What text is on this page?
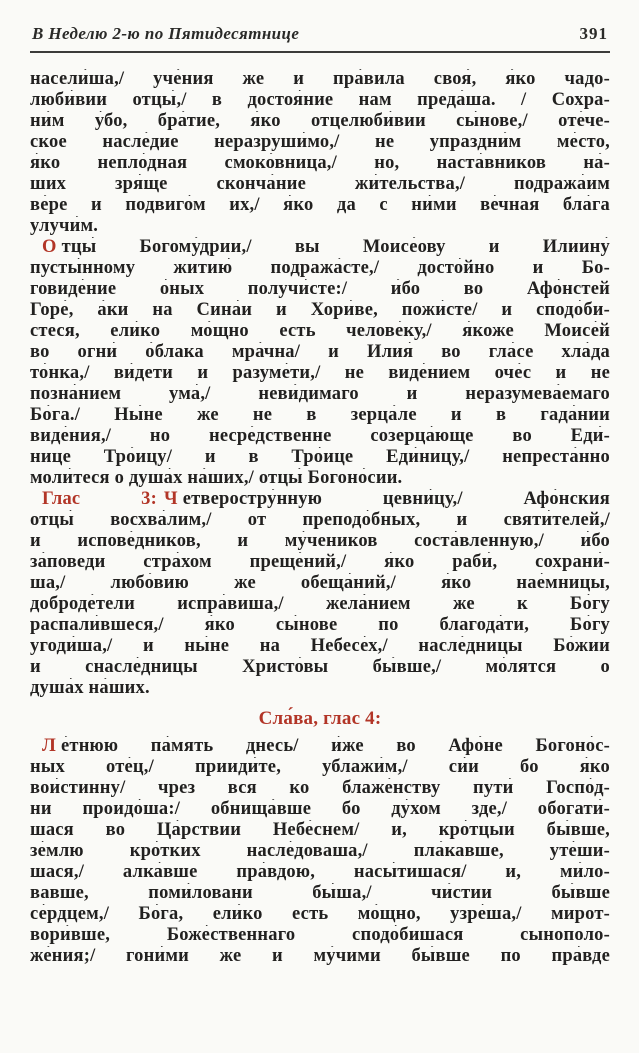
В Неделю 2-ю по Пятидесятнице	391
насели́ша,/ уче́ния же и пра́вила своя́, я́ко чадо-
люби́вии отцы́,/ в достоя́ние нам преда́ша. / Сохра-
ни́м у́бо, бра́тие, я́ко отцелюби́вии сы́нове,/ оте́че-
ское насле́дие неразруши́мо,/ не упраздни́м ме́сто,
я́ко непло́дная смоко́вница,/ но, наста́вников на́-
ших зря́ще сконча́ние жи́тельства,/ подража́им
ве́ре и подвиго́м их,/ я́ко да с ни́ми ве́чная бла́га
улучи́м.
О тцы́ Богому́дрии,/ вы Моисе́ову и Илиину́
пусты́нному житию́ подража́сте,/ досто́йно и Бо-
говиде́ние о́ных получи́сте:/ и́бо во Афо́нстей
Горе́, а́ки на Сина́и и Хори́ве, пожи́сте/ и сподо́би-
стеся, ели́ко мо́щно есть челове́ку,/ я́коже Моисе́й
во огни́ о́блака мра́чна/ и Илия́ во гла́се хла́да
то́нка,/ ви́дети и разуме́ти,/ не виде́нием оче́с и не
позна́нием ума́,/ неви́димаго и неразумева́емаго
Бо́га./ Ны́не же не в зерца́ле и в гада́нии
виде́ния,/ но несре́дственне созерца́юще во Еди́-
нице Тро́ицу/ и в Тро́ице Еди́ницу,/ непреста́нно
моли́теся о душа́х на́ших,/ отцы́ Богоно́сии.
Глас 3: Ч етверостру́нную цевни́цу,/ Афо́нския
отцы́ восхва́лим,/ от преподо́бных, и святи́телей,/
и испове́дников, и му́чеников соста́вленную,/ и́бо
за́поведи стра́хом преще́ний,/ я́ко раби́, сохрани́-
ша,/ любо́вию же обеща́ний,/ я́ко нае́мницы,
доброде́тели испра́виша,/ жела́нием же к Бо́гу
распали́вшеся,/ я́ко сы́нове по благода́ти, Бо́гу
угоди́ша,/ и ны́не на Небесе́х,/ насле́дницы Бо́жии
и снасле́дницы Христо́вы бы́вше,/ мо́лятся о
душа́х на́ших.
Сла́ва, глас 4:
Л е́тнюю па́мять днесь/ и́же во Афо́не Богоно́с-
ных оте́ц,/ прииди́те, ублажи́м,/ си́и бо я́ко
вои́стинну/ чрез вся ко блаже́нству пути́ Госпо́д-
ни проидо́ша:/ обнища́вше бо ду́хом зде,/ обогати́-
шася во Ца́рствии Небе́снем/ и, кро́тцыи бы́вше,
зе́млю кро́тких насле́доваша,/ пла́кавше, уте́ши-
шася,/ алка́вше пра́вдою, насы́тишася/ и, ми́ло-
вавше, поми́ловани бы́ша,/ чи́стии бы́вше
се́рдцем,/ Бо́га, ели́ко есть мо́щно, узре́ша,/ мирот-
вори́вше, Боже́ственнаго сподо́бишася сынополо-
же́ния;/ гони́ми же и му́чими бы́вше по пра́вде
